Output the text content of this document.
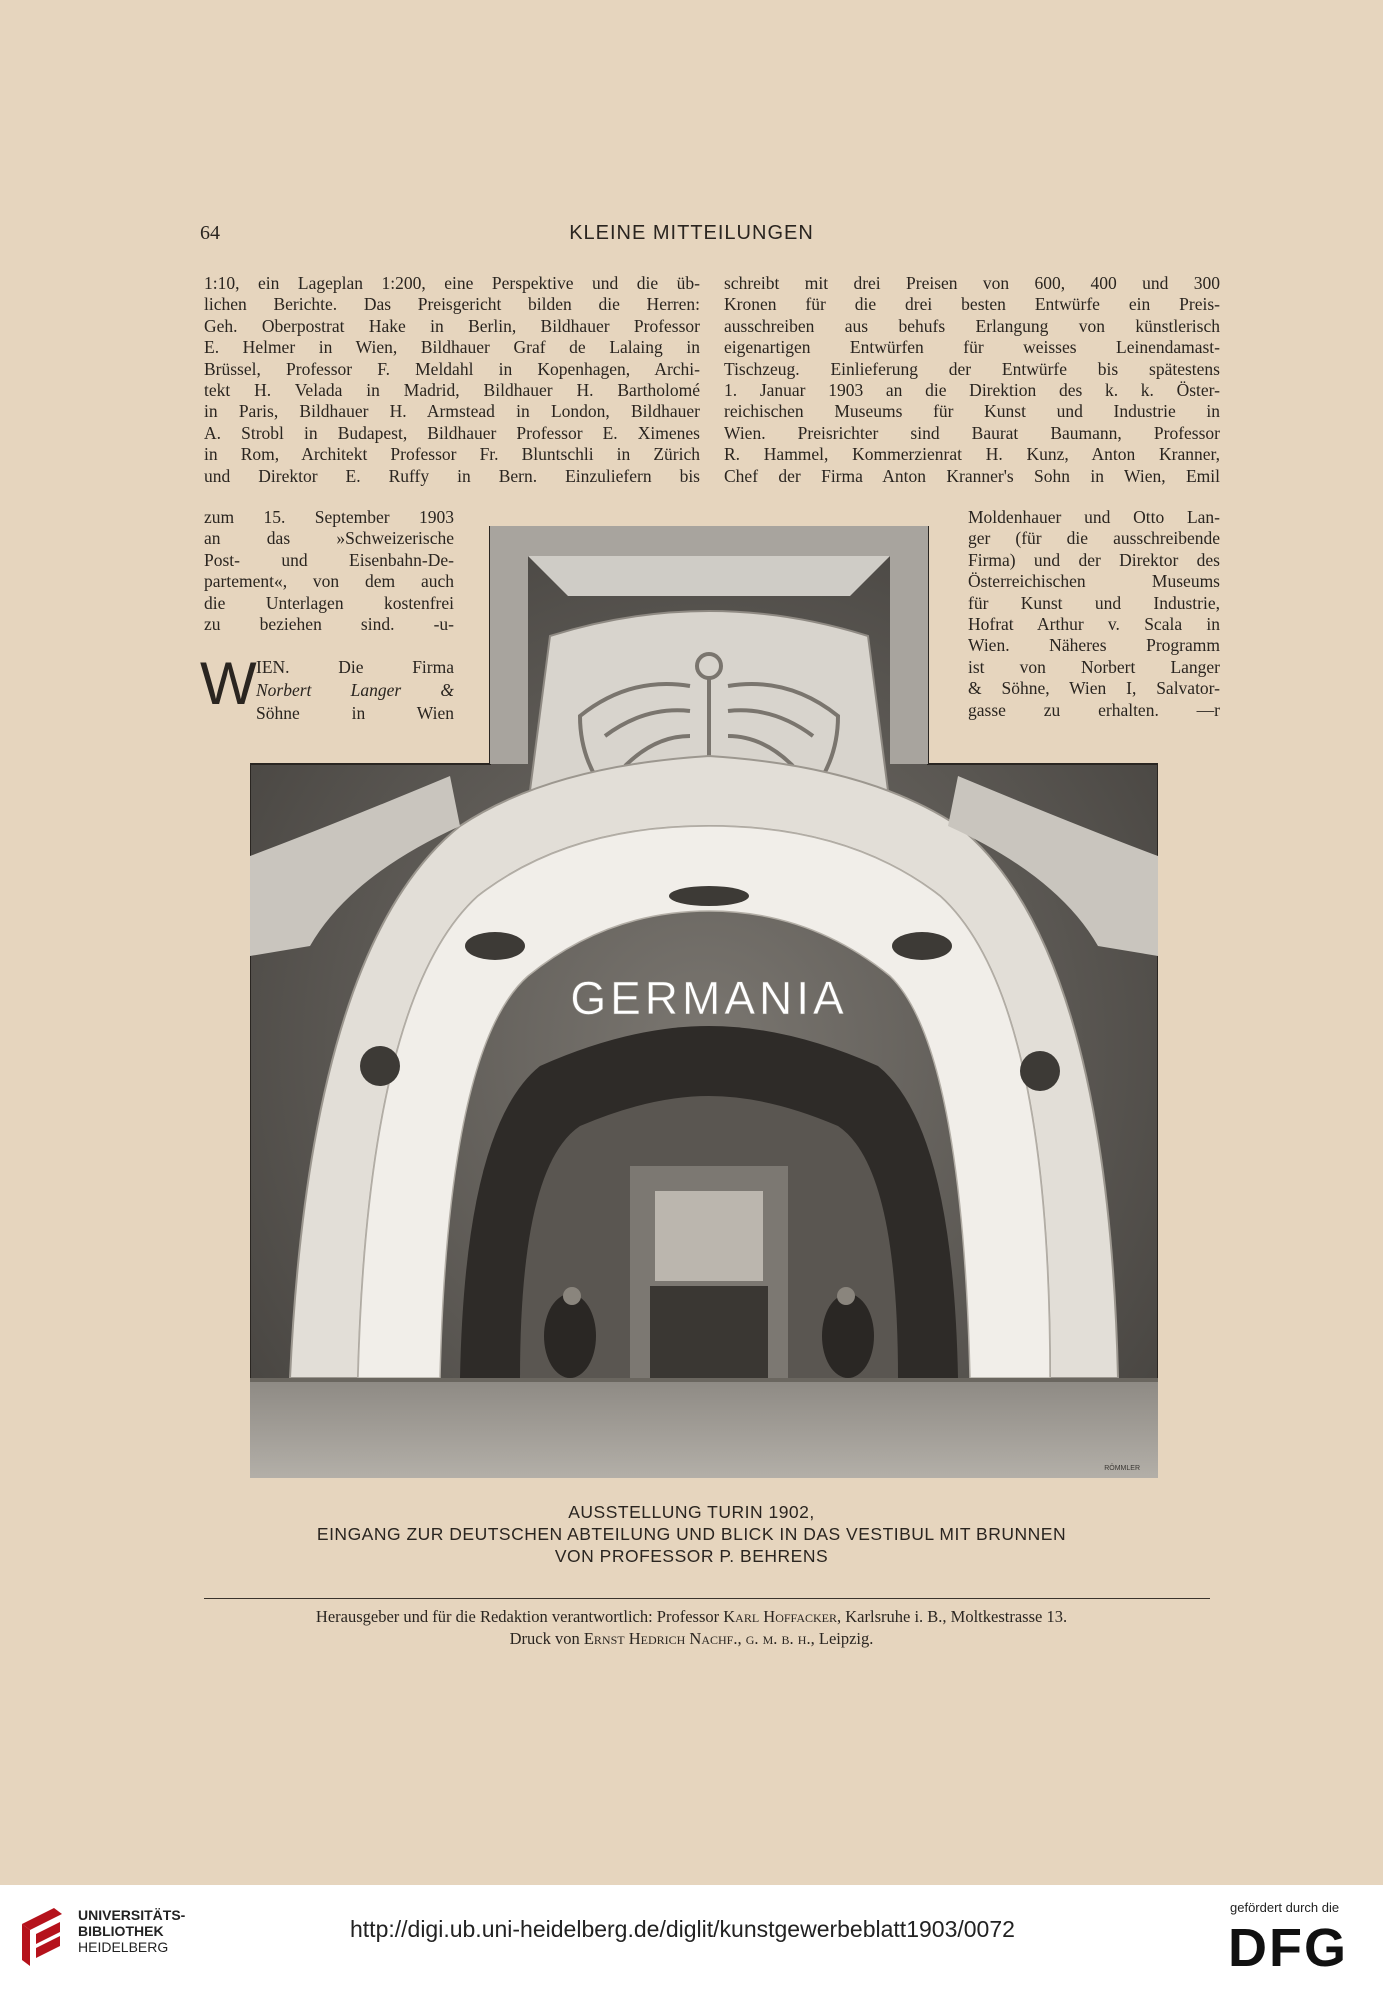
64	KLEINE MITTEILUNGEN
1:10, ein Lageplan 1:200, eine Perspektive und die üb-
lichen Berichte. Das Preisgericht bilden die Herren:
Geh. Oberpostrat Hake in Berlin, Bildhauer Professor
E. Helmer in Wien, Bildhauer Graf de Lalaing in
Brüssel, Professor F. Meldahl in Kopenhagen, Archi-
tekt H. Velada in Madrid, Bildhauer H. Bartholomé
in Paris, Bildhauer H. Armstead in London, Bildhauer
A. Strobl in Budapest, Bildhauer Professor E. Ximenes
in Rom, Architekt Professor Fr. Bluntschli in Zürich
und Direktor E. Ruffy in Bern. Einzuliefern bis
schreibt mit drei Preisen von 600, 400 und 300
Kronen für die drei besten Entwürfe ein Preis-
ausschreiben aus behufs Erlangung von künstlerisch
eigenartigen Entwürfen für weisses Leinendamast-
Tischzeug. Einlieferung der Entwürfe bis spätestens
1. Januar 1903 an die Direktion des k. k. Öster-
reichischen Museums für Kunst und Industrie in
Wien. Preisrichter sind Baurat Baumann, Professor
R. Hammel, Kommerzienrat H. Kunz, Anton Kranner,
Chef der Firma Anton Kranner's Sohn in Wien, Emil
zum 15. September 1903
an das »Schweizerische
Post- und Eisenbahn-De-
partement«, von dem auch
die Unterlagen kostenfrei
zu beziehen sind. -u-
W IEN. Die Firma
Norbert Langer &
Söhne in Wien
Moldenhauer und Otto Lan-
ger (für die ausschreibende
Firma) und der Direktor des
Österreichischen Museums
für Kunst und Industrie,
Hofrat Arthur v. Scala in
Wien. Näheres Programm
ist von Norbert Langer
& Söhne, Wien I, Salvator-
gasse zu erhalten. —r
GERMANIA
RÖMMLER
AUSSTELLUNG TURIN 1902,
EINGANG ZUR DEUTSCHEN ABTEILUNG UND BLICK IN DAS VESTIBUL MIT BRUNNEN
VON PROFESSOR P. BEHRENS
Herausgeber und für die Redaktion verantwortlich: Professor Karl Hoffacker, Karlsruhe i. B., Moltkestrasse 13.
Druck von Ernst Hedrich Nachf., g. m. b. h., Leipzig.
UNIVERSITÄTS-
BIBLIOTHEK
HEIDELBERG
http://digi.ub.uni-heidelberg.de/diglit/kunstgewerbeblatt1903/0072
gefördert durch die
DFG
